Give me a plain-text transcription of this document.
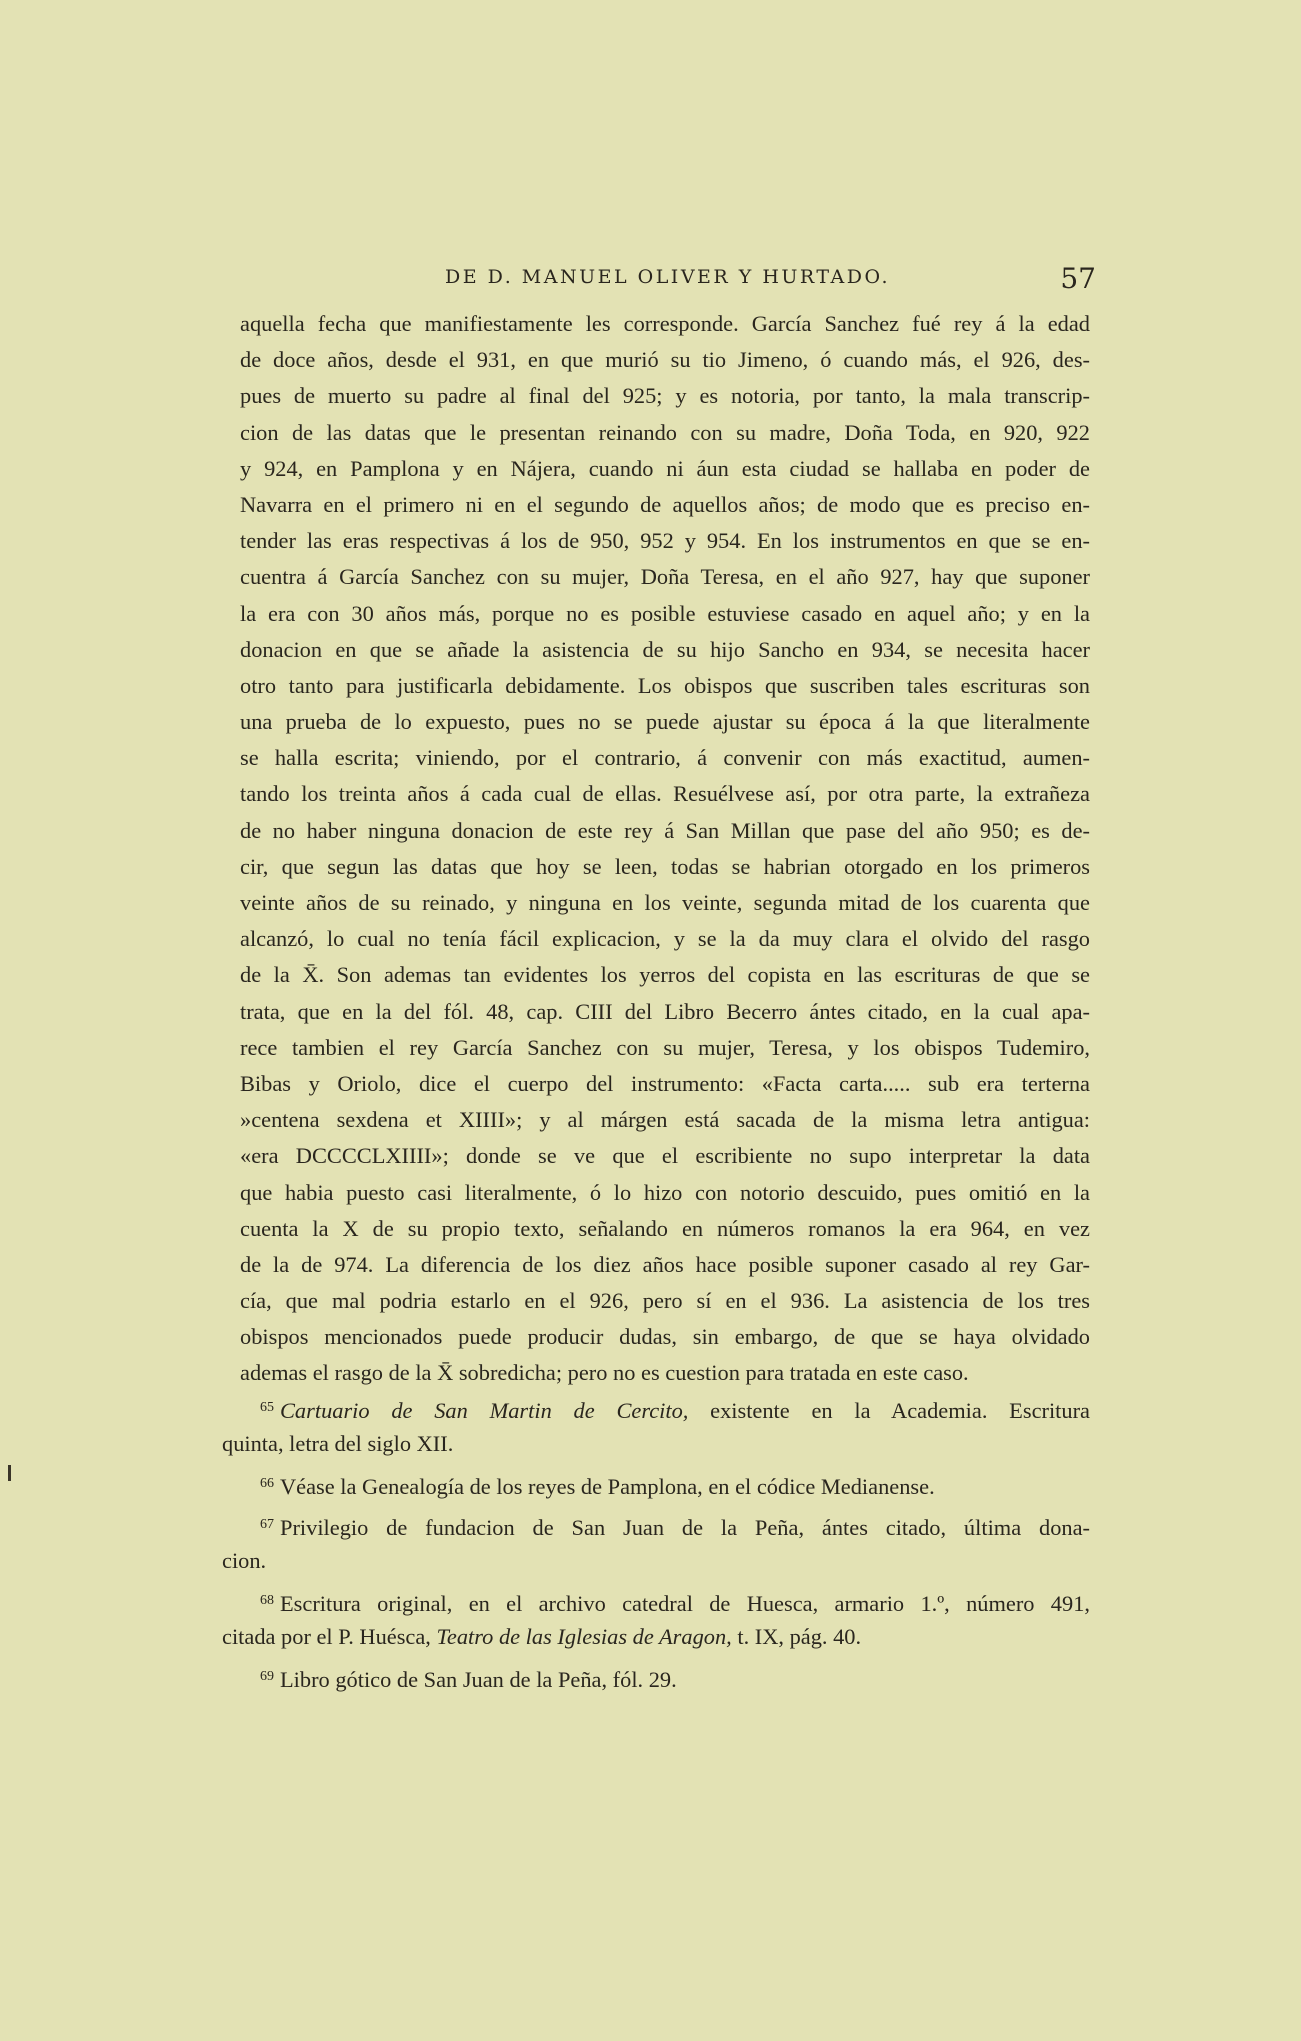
DE D. MANUEL OLIVER Y HURTADO.	57
aquella fecha que manifiestamente les corresponde. García Sanchez fué rey á la edad
de doce años, desde el 931, en que murió su tio Jimeno, ó cuando más, el 926, des-
pues de muerto su padre al final del 925; y es notoria, por tanto, la mala transcrip-
cion de las datas que le presentan reinando con su madre, Doña Toda, en 920, 922
y 924, en Pamplona y en Nájera, cuando ni áun esta ciudad se hallaba en poder de
Navarra en el primero ni en el segundo de aquellos años; de modo que es preciso en-
tender las eras respectivas á los de 950, 952 y 954. En los instrumentos en que se en-
cuentra á García Sanchez con su mujer, Doña Teresa, en el año 927, hay que suponer
la era con 30 años más, porque no es posible estuviese casado en aquel año; y en la
donacion en que se añade la asistencia de su hijo Sancho en 934, se necesita hacer
otro tanto para justificarla debidamente. Los obispos que suscriben tales escrituras son
una prueba de lo expuesto, pues no se puede ajustar su época á la que literalmente
se halla escrita; viniendo, por el contrario, á convenir con más exactitud, aumen-
tando los treinta años á cada cual de ellas. Resuélvese así, por otra parte, la extrañeza
de no haber ninguna donacion de este rey á San Millan que pase del año 950; es de-
cir, que segun las datas que hoy se leen, todas se habrian otorgado en los primeros
veinte años de su reinado, y ninguna en los veinte, segunda mitad de los cuarenta que
alcanzó, lo cual no tenía fácil explicacion, y se la da muy clara el olvido del rasgo
de la X̄. Son ademas tan evidentes los yerros del copista en las escrituras de que se
trata, que en la del fól. 48, cap. CIII del Libro Becerro ántes citado, en la cual apa-
rece tambien el rey García Sanchez con su mujer, Teresa, y los obispos Tudemiro,
Bibas y Oriolo, dice el cuerpo del instrumento: «Facta carta..... sub era terterna
»centena sexdena et XIIII»; y al márgen está sacada de la misma letra antigua:
«era DCCCCLXIIII»; donde se ve que el escribiente no supo interpretar la data
que habia puesto casi literalmente, ó lo hizo con notorio descuido, pues omitió en la
cuenta la X de su propio texto, señalando en números romanos la era 964, en vez
de la de 974. La diferencia de los diez años hace posible suponer casado al rey Gar-
cía, que mal podria estarlo en el 926, pero sí en el 936. La asistencia de los tres
obispos mencionados puede producir dudas, sin embargo, de que se haya olvidado
ademas el rasgo de la X̄ sobredicha; pero no es cuestion para tratada en este caso.
$^{65}$ Cartuario de San Martin de Cercito, existente en la Academia. Escritura
quinta, letra del siglo XII.
$^{66}$ Véase la Genealogía de los reyes de Pamplona, en el códice Medianense.
$^{67}$ Privilegio de fundacion de San Juan de la Peña, ántes citado, última dona-
cion.
$^{68}$ Escritura original, en el archivo catedral de Huesca, armario 1.º, número 491,
citada por el P. Huésca, Teatro de las Iglesias de Aragon, t. IX, pág. 40.
$^{69}$ Libro gótico de San Juan de la Peña, fól. 29.
